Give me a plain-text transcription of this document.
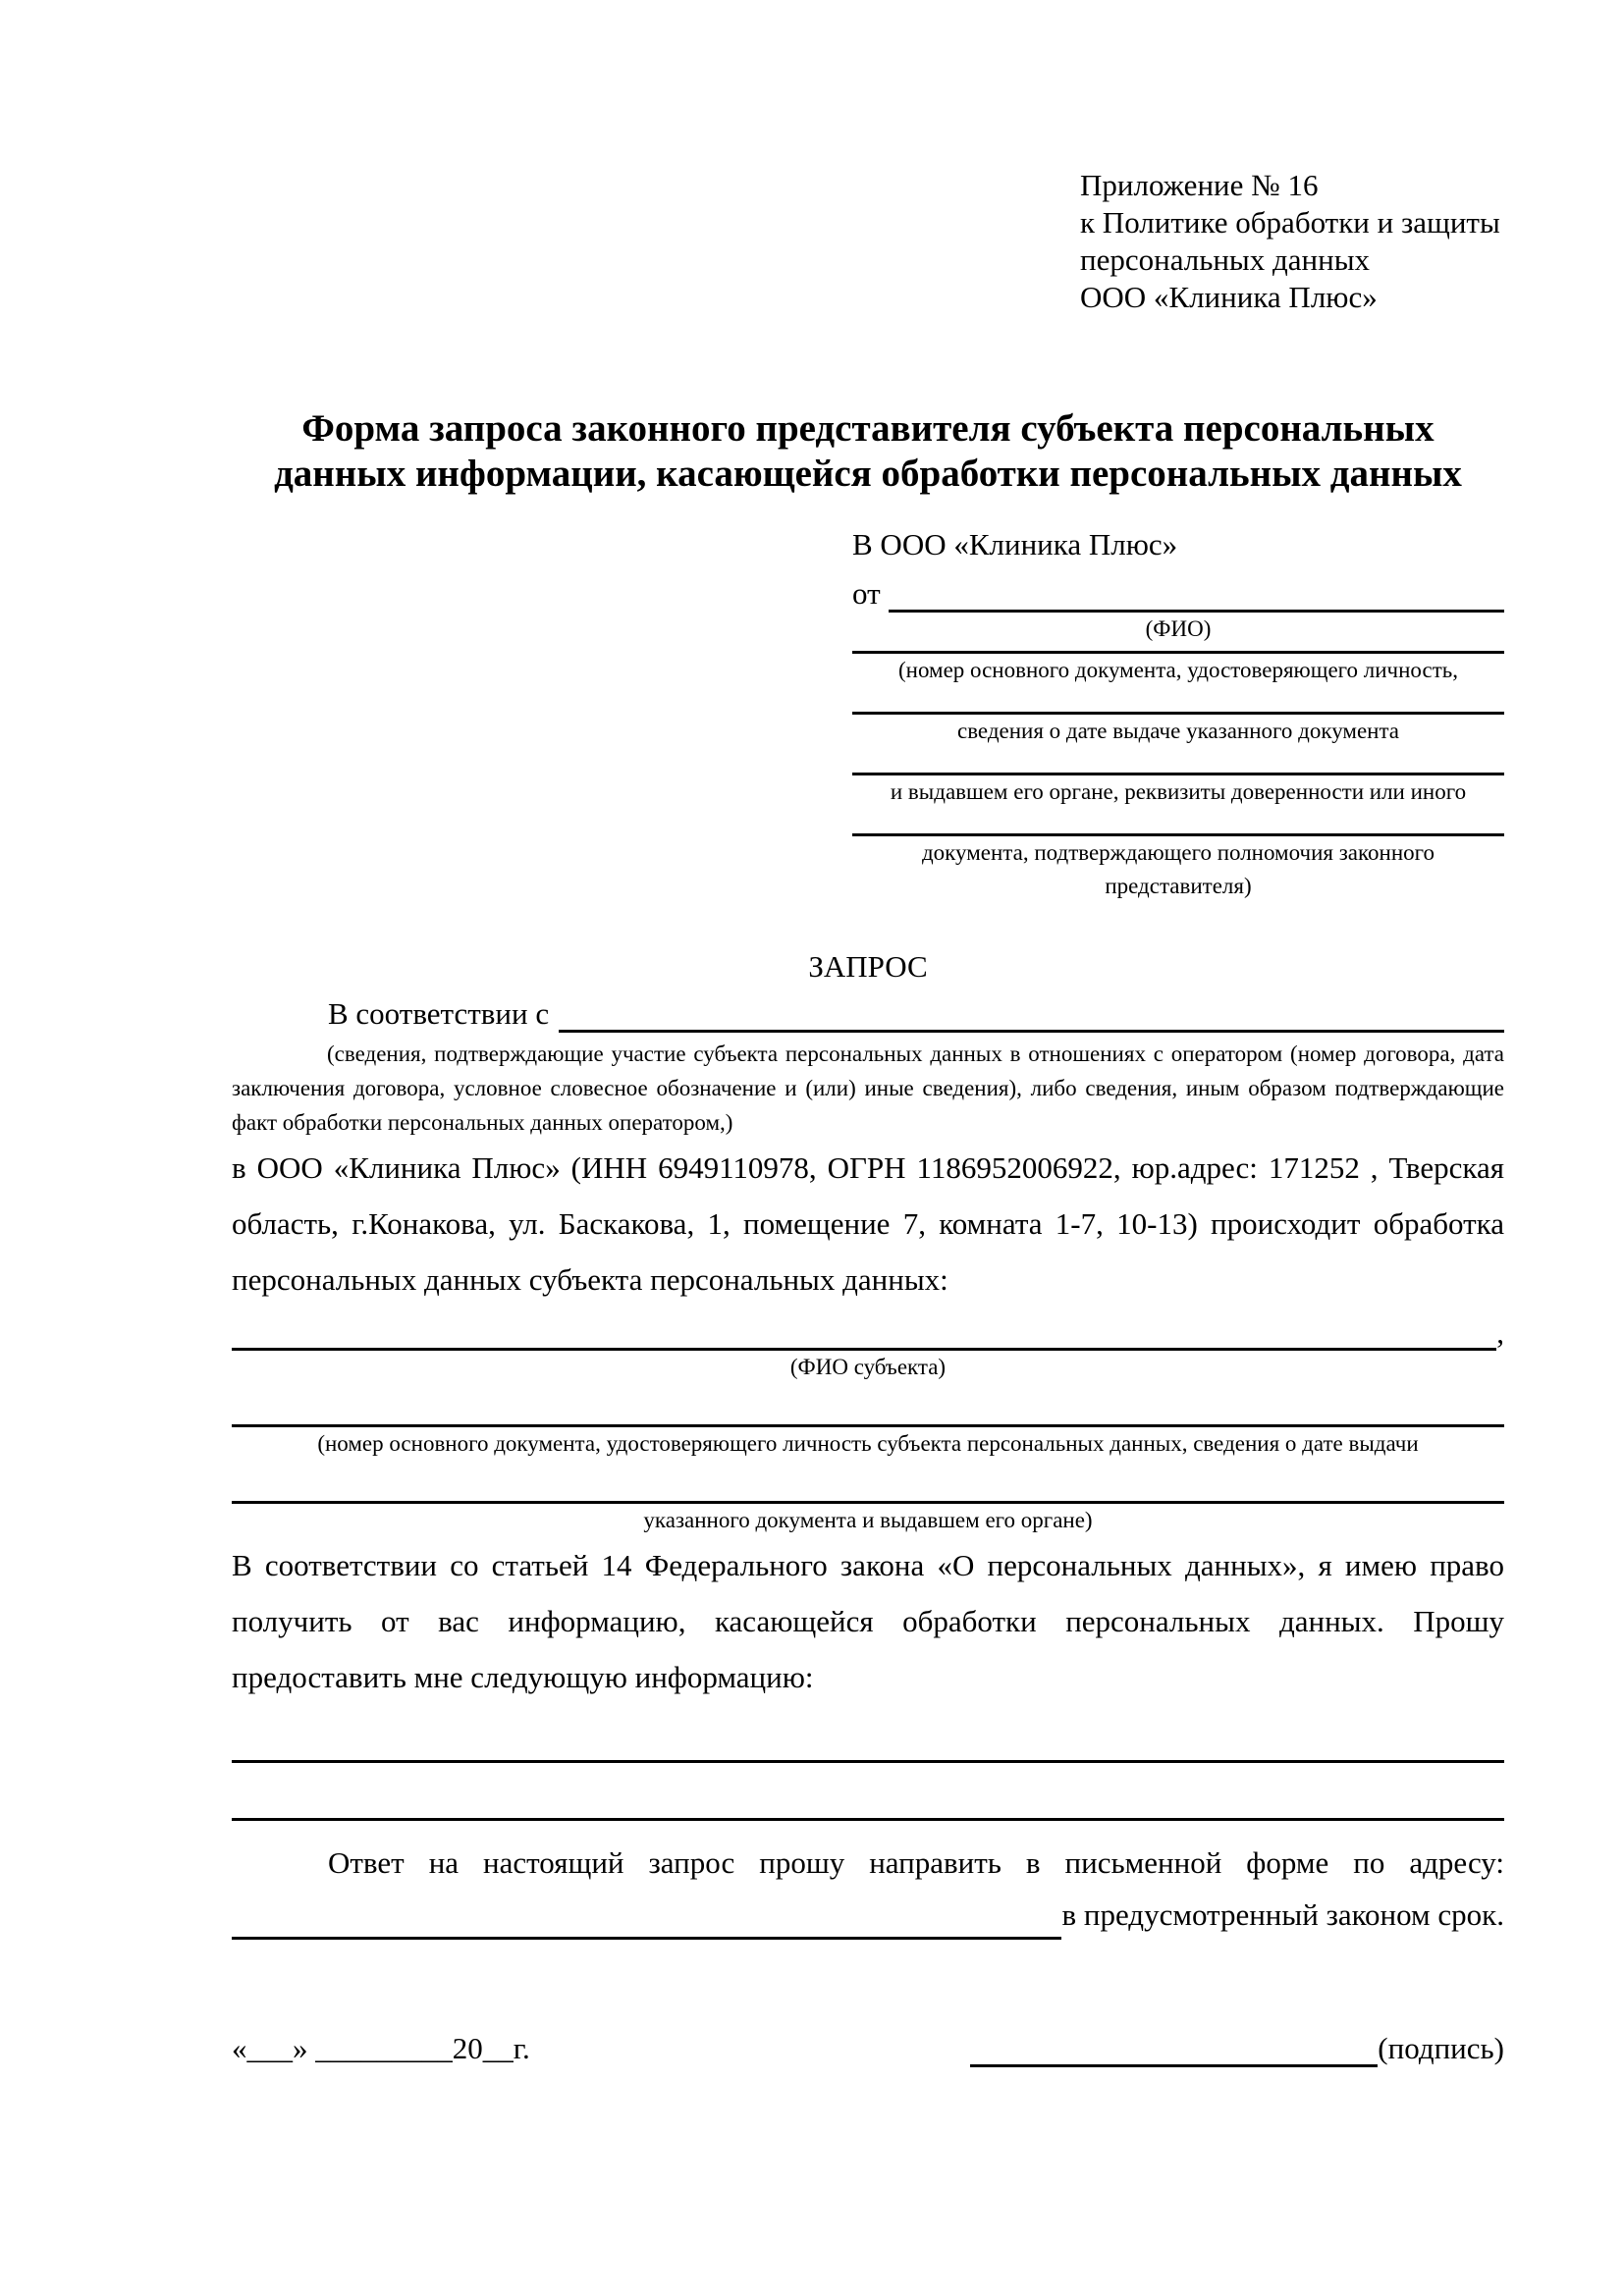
Приложение № 16
к Политике обработки и защиты
персональных данных
ООО «Клиника Плюс»
Форма запроса законного представителя субъекта персональных данных информации, касающейся обработки персональных данных
В ООО «Клиника Плюс»
от
(ФИО)
(номер основного документа, удостоверяющего личность,
сведения о дате выдаче указанного документа
и выдавшем его органе, реквизиты доверенности или иного
документа, подтверждающего полномочия законного представителя)
ЗАПРОС
В соответствии с
(сведения, подтверждающие участие субъекта персональных данных в отношениях с оператором (номер договора, дата заключения договора, условное словесное обозначение и (или) иные сведения), либо сведения, иным образом подтверждающие факт обработки персональных данных оператором,)
в ООО «Клиника Плюс» (ИНН 6949110978, ОГРН 1186952006922, юр.адрес: 171252 , Тверская область, г.Конакова, ул. Баскакова, 1, помещение 7, комната 1-7, 10-13) происходит обработка персональных данных субъекта персональных данных:
,
(ФИО субъекта)
(номер основного документа, удостоверяющего личность субъекта персональных данных, сведения о дате выдачи
указанного документа и выдавшем его органе)
В соответствии со статьей 14 Федерального закона «О персональных данных», я имею право получить от вас информацию, касающейся обработки персональных данных. Прошу предоставить мне следующую информацию:
Ответ на настоящий запрос прошу направить в письменной форме по адресу:
в предусмотренный законом срок.
«___» _________20__г.	(подпись)
